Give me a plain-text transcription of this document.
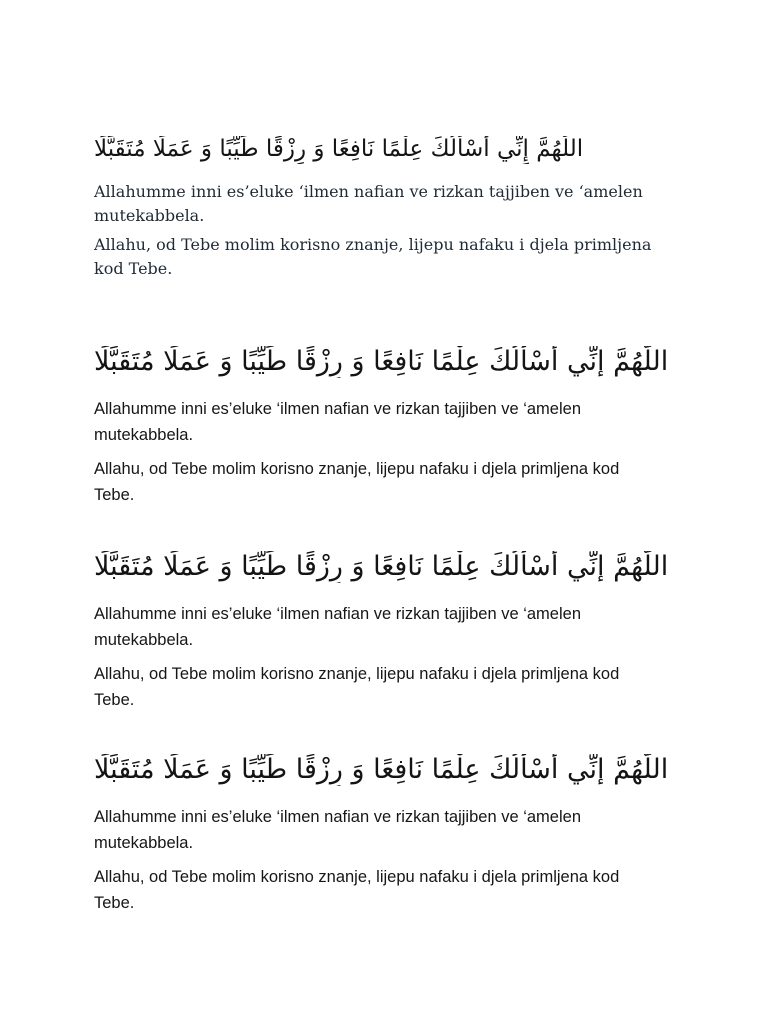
اللَّٰهُمَّ إِنِّي أَسْأَلُكَ عِلْمًا نَافِعًا وَ رِزْقًا طَيِّبًا وَ عَمَلًا مُتَقَبَّلًا

Allahumme inni es’eluke ‘ilmen nafian ve rizkan tajjiben ve ‘amelen mutekabbela.

Allahu, od Tebe molim korisno znanje, lijepu nafaku i djela primljena kod Tebe.

اللَّٰهُمَّ إِنِّي أَسْأَلُكَ عِلْمًا نَافِعًا وَ رِزْقًا طَيِّبًا وَ عَمَلًا مُتَقَبَّلًا

Allahumme inni es’eluke ‘ilmen nafian ve rizkan tajjiben ve ‘amelen mutekabbela.

Allahu, od Tebe molim korisno znanje, lijepu nafaku i djela primljena kod Tebe.

اللَّٰهُمَّ إِنِّي أَسْأَلُكَ عِلْمًا نَافِعًا وَ رِزْقًا طَيِّبًا وَ عَمَلًا مُتَقَبَّلًا

Allahumme inni es’eluke ‘ilmen nafian ve rizkan tajjiben ve ‘amelen mutekabbela.

Allahu, od Tebe molim korisno znanje, lijepu nafaku i djela primljena kod Tebe.

اللَّٰهُمَّ إِنِّي أَسْأَلُكَ عِلْمًا نَافِعًا وَ رِزْقًا طَيِّبًا وَ عَمَلًا مُتَقَبَّلًا

Allahumme inni es’eluke ‘ilmen nafian ve rizkan tajjiben ve ‘amelen mutekabbela.

Allahu, od Tebe molim korisno znanje, lijepu nafaku i djela primljena kod Tebe.
